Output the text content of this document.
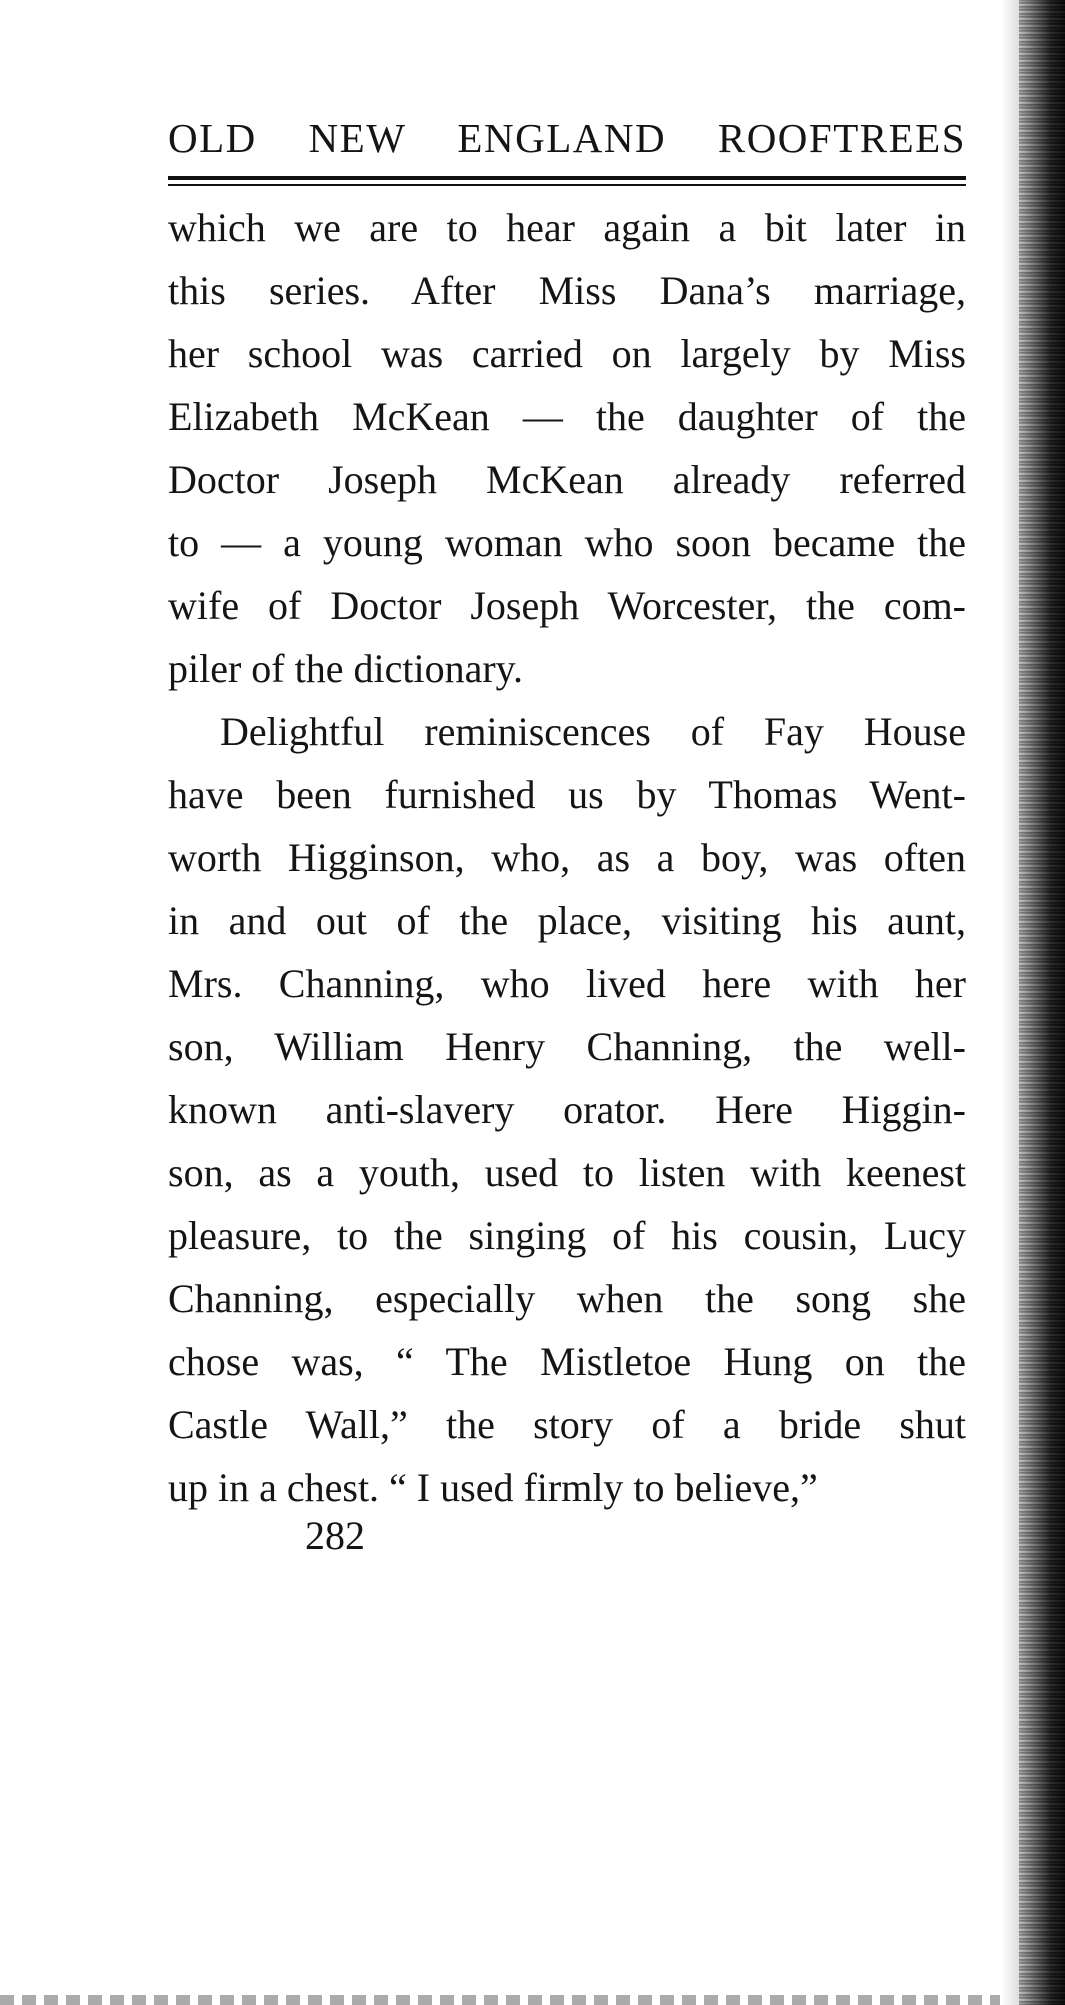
OLD NEW ENGLAND ROOFTREES
which we are to hear again a bit later in
this series. After Miss Dana’s marriage,
her school was carried on largely by Miss
Elizabeth McKean — the daughter of the
Doctor Joseph McKean already referred
to — a young woman who soon became the
wife of Doctor Joseph Worcester, the com-
piler of the dictionary.
Delightful reminiscences of Fay House
have been furnished us by Thomas Went-
worth Higginson, who, as a boy, was often
in and out of the place, visiting his aunt,
Mrs. Channing, who lived here with her
son, William Henry Channing, the well-
known anti-slavery orator. Here Higgin-
son, as a youth, used to listen with keenest
pleasure, to the singing of his cousin, Lucy
Channing, especially when the song she
chose was, “ The Mistletoe Hung on the
Castle Wall,” the story of a bride shut
up in a chest. “ I used firmly to believe,”
282
